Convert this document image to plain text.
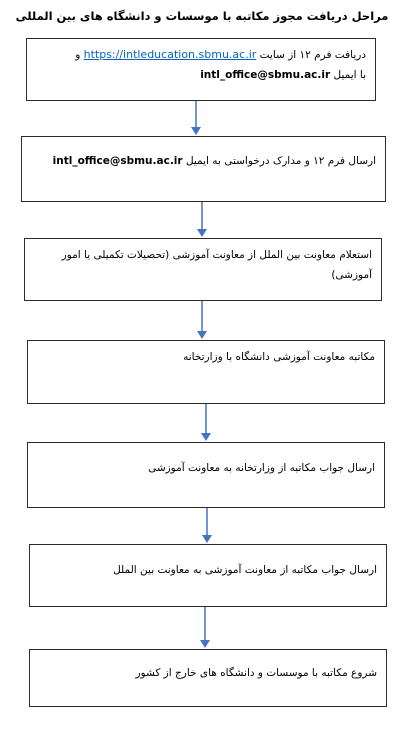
مراحل دریافت مجوز مکاتبه با موسسات و دانشگاه های بین المللی
دریافت فرم ۱۲ از سایت https://intleducation.sbmu.ac.ir و
با ایمیل intl_office@sbmu.ac.ir
ارسال فرم ۱۲ و مدارک درخواستی به ایمیل intl_office@sbmu.ac.ir
استعلام معاونت بین الملل از معاونت آموزشی (تحصیلات تکمیلی یا امور آموزشی)
مکاتبه معاونت آموزشی دانشگاه با وزارتخانه
ارسال جواب مکاتبه از وزارتخانه به معاونت آموزشی
ارسال جواب مکاتبه از معاونت آموزشی به معاونت بین الملل
شروع مکاتبه با موسسات و دانشگاه های خارج از کشور
